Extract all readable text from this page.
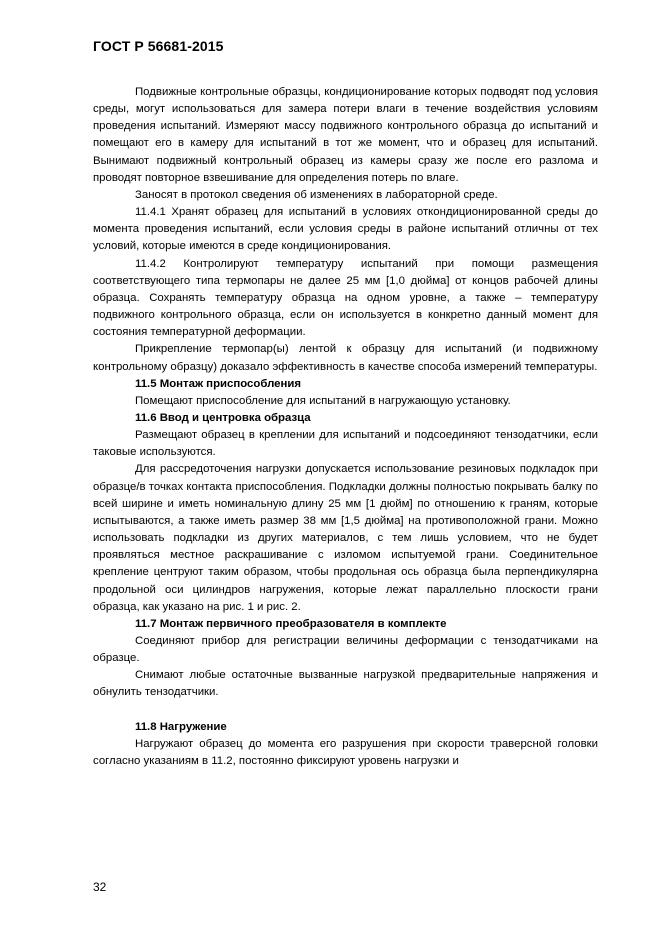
ГОСТ Р 56681-2015

Подвижные контрольные образцы, кондиционирование которых подводят под условия среды, могут использоваться для замера потери влаги в течение воздействия условиям проведения испытаний. Измеряют массу подвижного контрольного образца до испытаний и помещают его в камеру для испытаний в тот же момент, что и образец для испытаний. Вынимают подвижный контрольный образец из камеры сразу же после его разлома и проводят повторное взвешивание для определения потерь по влаге.

Заносят в протокол сведения об изменениях в лабораторной среде.

11.4.1 Хранят образец для испытаний в условиях откондиционированной среды до момента проведения испытаний, если условия среды в районе испытаний отличны от тех условий, которые имеются в среде кондиционирования.

11.4.2 Контролируют температуру испытаний при помощи размещения соответствующего типа термопары не далее 25 мм [1,0 дюйма] от концов рабочей длины образца. Сохранять температуру образца на одном уровне, а также – температуру подвижного контрольного образца, если он используется в конкретно данный момент для состояния температурной деформации.

Прикрепление термопар(ы) лентой к образцу для испытаний (и подвижному контрольному образцу) доказало эффективность в качестве способа измерений температуры.

11.5 Монтаж приспособления

Помещают приспособление для испытаний в нагружающую установку.

11.6 Ввод и центровка образца

Размещают образец в креплении для испытаний и подсоединяют тензодатчики, если таковые используются.

Для рассредоточения нагрузки допускается использование резиновых подкладок при образце/в точках контакта приспособления. Подкладки должны полностью покрывать балку по всей ширине и иметь номинальную длину 25 мм [1 дюйм] по отношению к граням, которые испытываются, а также иметь размер 38 мм [1,5 дюйма] на противоположной грани. Можно использовать подкладки из других материалов, с тем лишь условием, что не будет проявляться местное раскрашивание с изломом испытуемой грани. Соединительное крепление центруют таким образом, чтобы продольная ось образца была перпендикулярна продольной оси цилиндров нагружения, которые лежат параллельно плоскости грани образца, как указано на рис. 1 и рис. 2.

11.7 Монтаж первичного преобразователя в комплекте

Соединяют прибор для регистрации величины деформации с тензодатчиками на образце.

Снимают любые остаточные вызванные нагрузкой предварительные напряжения и обнулить тензодатчики.

11.8 Нагружение

Нагружают образец до момента его разрушения при скорости траверсной головки согласно указаниям в 11.2, постоянно фиксируют уровень нагрузки и

32
